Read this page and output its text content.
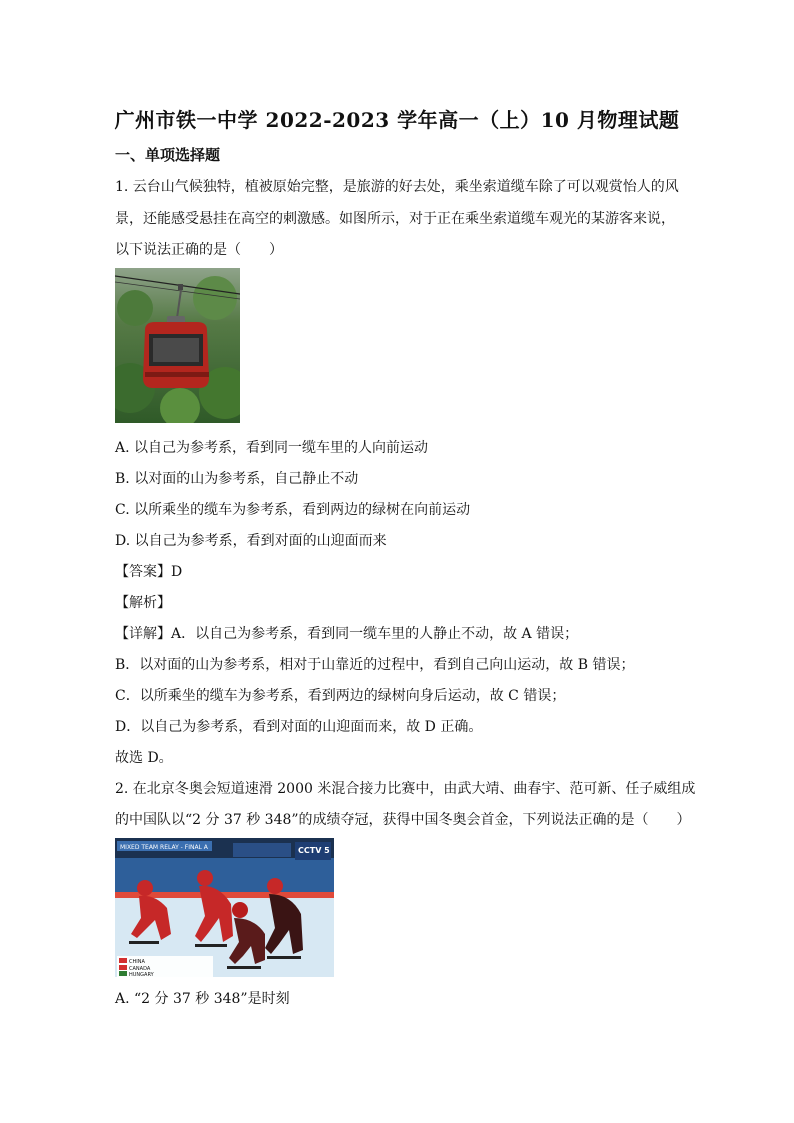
广州市铁一中学 2022-2023 学年高一（上）10 月物理试题
一、单项选择题
1. 云台山气候独特，植被原始完整，是旅游的好去处，乘坐索道缆车除了可以观赏怡人的风
景，还能感受悬挂在高空的刺激感。如图所示，对于正在乘坐索道缆车观光的某游客来说，
以下说法正确的是（　　）
A. 以自己为参考系，看到同一缆车里的人向前运动
B. 以对面的山为参考系，自己静止不动
C. 以所乘坐的缆车为参考系，看到两边的绿树在向前运动
D. 以自己为参考系，看到对面的山迎面而来
【答案】D
【解析】
【详解】A．以自己为参考系，看到同一缆车里的人静止不动，故 A 错误；
B．以对面的山为参考系，相对于山靠近的过程中，看到自己向山运动，故 B 错误；
C．以所乘坐的缆车为参考系，看到两边的绿树向身后运动，故 C 错误；
D．以自己为参考系，看到对面的山迎面而来，故 D 正确。
故选 D。
2. 在北京冬奥会短道速滑 2000 米混合接力比赛中，由武大靖、曲春宇、范可新、任子威组成
的中国队以“2 分 37 秒 348”的成绩夺冠，获得中国冬奥会首金，下列说法正确的是（　　）
MIXED TEAM RELAY - FINAL A	CCTV 5
CHINA
CANADA
HUNGARY
A. “2 分 37 秒 348”是时刻
